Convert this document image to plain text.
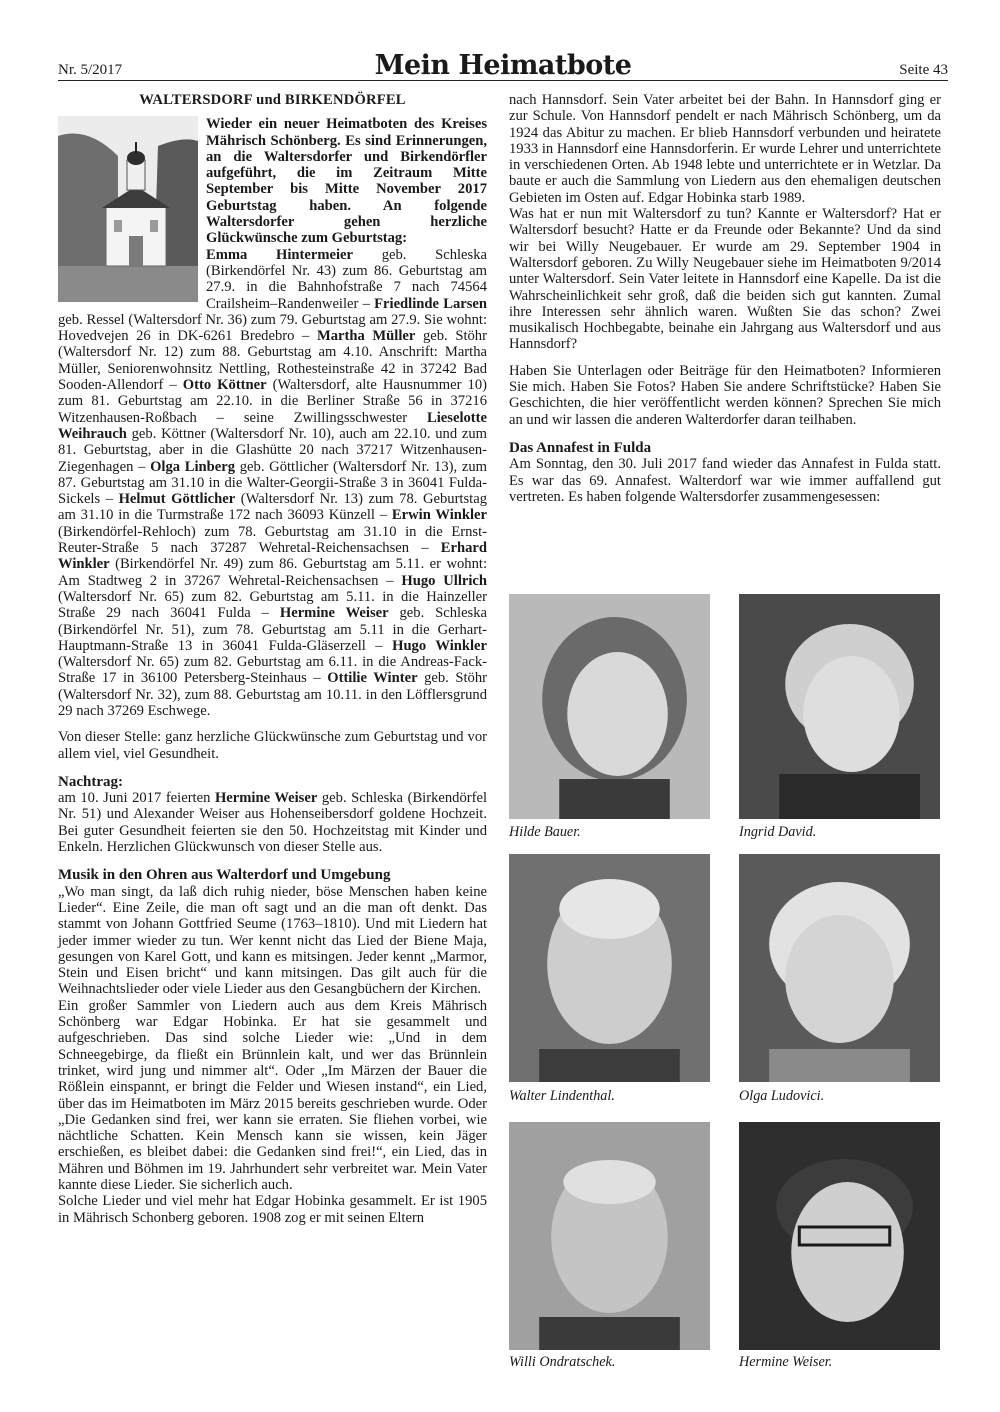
Nr. 5/2017	Mein Heimatbote	Seite 43
WALTERSDORF und BIRKENDÖRFEL

Wieder ein neuer Heimatboten des Kreises Mährisch Schönberg. Es sind Erinnerungen, an die Waltersdorfer und Birkendörfler aufgeführt, die im Zeitraum Mitte September bis Mitte November 2017 Geburtstag haben. An folgende Waltersdorfer gehen herzliche Glückwünsche zum Geburtstag:

Emma Hintermeier geb. Schleska (Birkendörfel Nr. 43) zum 86. Geburtstag am 27.9. in die Bahnhofstraße 7 nach 74564 Crailsheim–Randenweiler – Friedlinde Larsen geb. Ressel (Waltersdorf Nr. 36) zum 79. Geburtstag am 27.9. Sie wohnt: Hovedvejen 26 in DK-6261 Bredebro – Martha Müller geb. Stöhr (Waltersdorf Nr. 12) zum 88. Geburtstag am 4.10. Anschrift: Martha Müller, Seniorenwohnsitz Nettling, Rothesteinstraße 42 in 37242 Bad Sooden-Allendorf – Otto Köttner (Waltersdorf, alte Hausnummer 10) zum 81. Geburtstag am 22.10. in die Berliner Straße 56 in 37216 Witzenhausen-Roßbach – seine Zwillingsschwester Lieselotte Weihrauch geb. Köttner (Waltersdorf Nr. 10), auch am 22.10. und zum 81. Geburtstag, aber in die Glashütte 20 nach 37217 Witzenhausen-Ziegenhagen – Olga Linberg geb. Göttlicher (Waltersdorf Nr. 13), zum 87. Geburtstag am 31.10 in die Walter-Georgii-Straße 3 in 36041 Fulda-Sickels – Helmut Göttlicher (Waltersdorf Nr. 13) zum 78. Geburtstag am 31.10 in die Turmstraße 172 nach 36093 Künzell – Erwin Winkler (Birkendörfel-Rehloch) zum 78. Geburtstag am 31.10 in die Ernst-Reuter-Straße 5 nach 37287 Wehretal-Reichensachsen – Erhard Winkler (Birkendörfel Nr. 49) zum 86. Geburtstag am 5.11. er wohnt: Am Stadtweg 2 in 37267 Wehretal-Reichensachsen – Hugo Ullrich (Waltersdorf Nr. 65) zum 82. Geburtstag am 5.11. in die Hainzeller Straße 29 nach 36041 Fulda – Hermine Weiser geb. Schleska (Birkendörfel Nr. 51), zum 78. Geburtstag am 5.11 in die Gerhart-Hauptmann-Straße 13 in 36041 Fulda-Gläserzell – Hugo Winkler (Waltersdorf Nr. 65) zum 82. Geburtstag am 6.11. in die Andreas-Fack-Straße 17 in 36100 Petersberg-Steinhaus – Ottilie Winter geb. Stöhr (Waltersdorf Nr. 32), zum 88. Geburtstag am 10.11. in den Löfflersgrund 29 nach 37269 Eschwege.

Von dieser Stelle: ganz herzliche Glückwünsche zum Geburtstag und vor allem viel, viel Gesundheit.

Nachtrag:

am 10. Juni 2017 feierten Hermine Weiser geb. Schleska (Birkendörfel Nr. 51) und Alexander Weiser aus Hohenseibersdorf goldene Hochzeit. Bei guter Gesundheit feierten sie den 50. Hochzeitstag mit Kinder und Enkeln. Herzlichen Glückwunsch von dieser Stelle aus.

Musik in den Ohren aus Walterdorf und Umgebung

„Wo man singt, da laß dich ruhig nieder, böse Menschen haben keine Lieder“. Eine Zeile, die man oft sagt und an die man oft denkt. Das stammt von Johann Gottfried Seume (1763–1810). Und mit Liedern hat jeder immer wieder zu tun. Wer kennt nicht das Lied der Biene Maja, gesungen von Karel Gott, und kann es mitsingen. Jeder kennt „Marmor, Stein und Eisen bricht“ und kann mitsingen. Das gilt auch für die Weihnachtslieder oder viele Lieder aus den Gesangbüchern der Kirchen.

Ein großer Sammler von Liedern auch aus dem Kreis Mährisch Schönberg war Edgar Hobinka. Er hat sie gesammelt und aufgeschrieben. Das sind solche Lieder wie: „Und in dem Schneegebirge, da fließt ein Brünnlein kalt, und wer das Brünnlein trinket, wird jung und nimmer alt“. Oder „Im Märzen der Bauer die Rößlein einspannt, er bringt die Felder und Wiesen instand“, ein Lied, über das im Heimatboten im März 2015 bereits geschrieben wurde. Oder „Die Gedanken sind frei, wer kann sie erraten. Sie fliehen vorbei, wie nächtliche Schatten. Kein Mensch kann sie wissen, kein Jäger erschießen, es bleibet dabei: die Gedanken sind frei!“, ein Lied, das in Mähren und Böhmen im 19. Jahrhundert sehr verbreitet war. Mein Vater kannte diese Lieder. Sie sicherlich auch.

Solche Lieder und viel mehr hat Edgar Hobinka gesammelt. Er ist 1905 in Mährisch Schonberg geboren. 1908 zog er mit seinen Eltern

nach Hannsdorf. Sein Vater arbeitet bei der Bahn. In Hannsdorf ging er zur Schule. Von Hannsdorf pendelt er nach Mährisch Schönberg, um da 1924 das Abitur zu machen. Er blieb Hannsdorf verbunden und heiratete 1933 in Hannsdorf eine Hannsdorferin. Er wurde Lehrer und unterrichtete in verschiedenen Orten. Ab 1948 lebte und unterrichtete er in Wetzlar. Da baute er auch die Sammlung von Liedern aus den ehemaligen deutschen Gebieten im Osten auf. Edgar Hobinka starb 1989.

Was hat er nun mit Waltersdorf zu tun? Kannte er Waltersdorf? Hat er Waltersdorf besucht? Hatte er da Freunde oder Bekannte? Und da sind wir bei Willy Neugebauer. Er wurde am 29. September 1904 in Waltersdorf geboren. Zu Willy Neugebauer siehe im Heimatboten 9/2014 unter Waltersdorf. Sein Vater leitete in Hannsdorf eine Kapelle. Da ist die Wahrscheinlichkeit sehr groß, daß die beiden sich gut kannten. Zumal ihre Interessen sehr ähnlich waren. Wußten Sie das schon? Zwei musikalisch Hochbegabte, beinahe ein Jahrgang aus Waltersdorf und aus Hannsdorf?

Haben Sie Unterlagen oder Beiträge für den Heimatboten? Informieren Sie mich. Haben Sie Fotos? Haben Sie andere Schriftstücke? Haben Sie Geschichten, die hier veröffentlicht werden können? Sprechen Sie mich an und wir lassen die anderen Walterdorfer daran teilhaben.

Das Annafest in Fulda

Am Sonntag, den 30. Juli 2017 fand wieder das Annafest in Fulda statt. Es war das 69. Annafest. Walterdorf war wie immer auffallend gut vertreten. Es haben folgende Waltersdorfer zusammengesessen:

Hilde Bauer.	Ingrid David.
Walter Lindenthal.	Olga Ludovici.
Willi Ondratschek.	Hermine Weiser.
